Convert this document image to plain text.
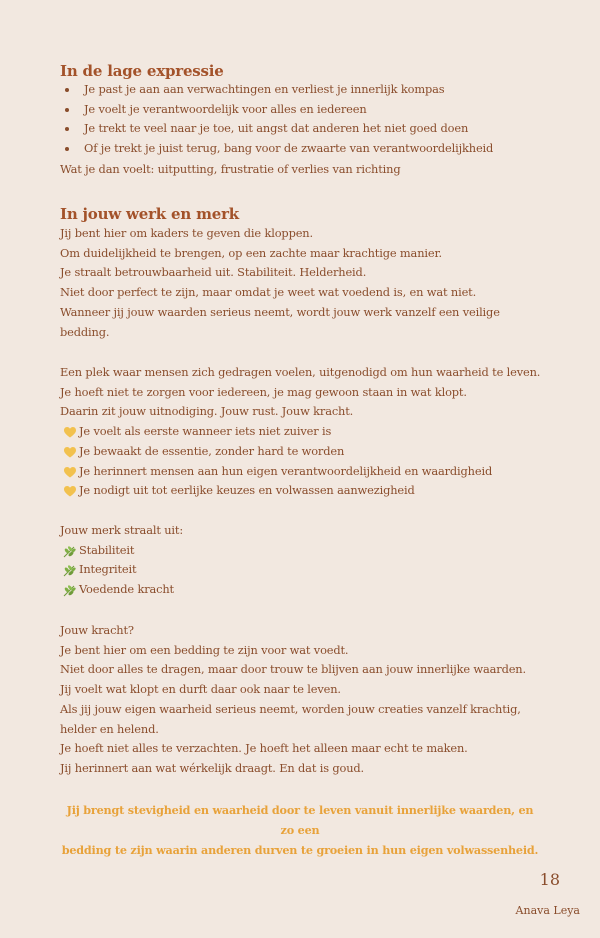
In de lage expressie
Je past je aan aan verwachtingen en verliest je innerlijk kompas
Je voelt je verantwoordelijk voor alles en iedereen
Je trekt te veel naar je toe, uit angst dat anderen het niet goed doen
Of je trekt je juist terug, bang voor de zwaarte van verantwoordelijkheid
Wat je dan voelt: uitputting, frustratie of verlies van richting
In jouw werk en merk
Jij bent hier om kaders te geven die kloppen.
Om duidelijkheid te brengen, op een zachte maar krachtige manier.
Je straalt betrouwbaarheid uit. Stabiliteit. Helderheid.
Niet door perfect te zijn, maar omdat je weet wat voedend is, en wat niet.
Wanneer jij jouw waarden serieus neemt, wordt jouw werk vanzelf een veilige
bedding.
Een plek waar mensen zich gedragen voelen, uitgenodigd om hun waarheid te leven.
Je hoeft niet te zorgen voor iedereen, je mag gewoon staan in wat klopt.
Daarin zit jouw uitnodiging. Jouw rust. Jouw kracht.
Je voelt als eerste wanneer iets niet zuiver is
Je bewaakt de essentie, zonder hard te worden
Je herinnert mensen aan hun eigen verantwoordelijkheid en waardigheid
Je nodigt uit tot eerlijke keuzes en volwassen aanwezigheid
Jouw merk straalt uit:
Stabiliteit
Integriteit
Voedende kracht
Jouw kracht?
Je bent hier om een bedding te zijn voor wat voedt.
Niet door alles te dragen, maar door trouw te blijven aan jouw innerlijke waarden.
Jij voelt wat klopt en durft daar ook naar te leven.
Als jij jouw eigen waarheid serieus neemt, worden jouw creaties vanzelf krachtig,
helder en helend.
Je hoeft niet alles te verzachten. Je hoeft het alleen maar echt te maken.
Jij herinnert aan wat wérkelijk draagt. En dat is goud.
Jij brengt stevigheid en waarheid door te leven vanuit innerlijke waarden, en zo een
bedding te zijn waarin anderen durven te groeien in hun eigen volwassenheid.
18
Anava Leya
